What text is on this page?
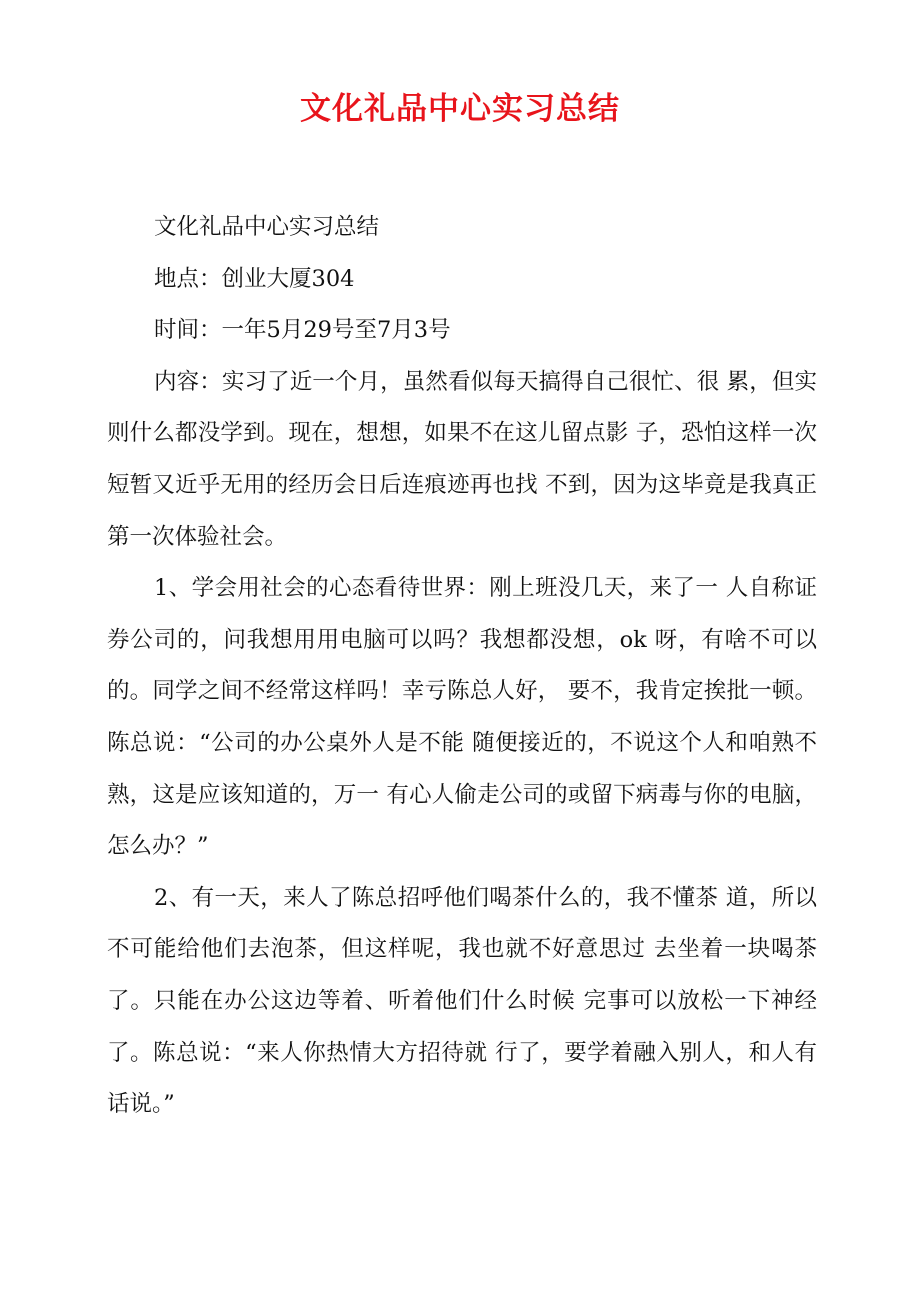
文化礼品中心实习总结

文化礼品中心实习总结

地点：创业大厦304

时间：一年5月29号至7月3号

内容：实习了近一个月，虽然看似每天搞得自己很忙、很 累，但实则什么都没学到。现在，想想，如果不在这儿留点影 子，恐怕这样一次短暂又近乎无用的经历会日后连痕迹再也找 不到，因为这毕竟是我真正第一次体验社会。

1、学会用社会的心态看待世界：刚上班没几天，来了一 人自称证券公司的，问我想用用电脑可以吗？我想都没想，ok 呀，有啥不可以的。同学之间不经常这样吗！幸亏陈总人好， 要不，我肯定挨批一顿。陈总说：“公司的办公桌外人是不能 随便接近的，不说这个人和咱熟不熟，这是应该知道的，万一 有心人偷走公司的或留下病毒与你的电脑，怎么办？”

2、有一天，来人了陈总招呼他们喝茶什么的，我不懂茶 道，所以不可能给他们去泡茶，但这样呢，我也就不好意思过 去坐着一块喝茶了。只能在办公这边等着、听着他们什么时候 完事可以放松一下神经了。陈总说：“来人你热情大方招待就 行了，要学着融入别人，和人有话说。”
